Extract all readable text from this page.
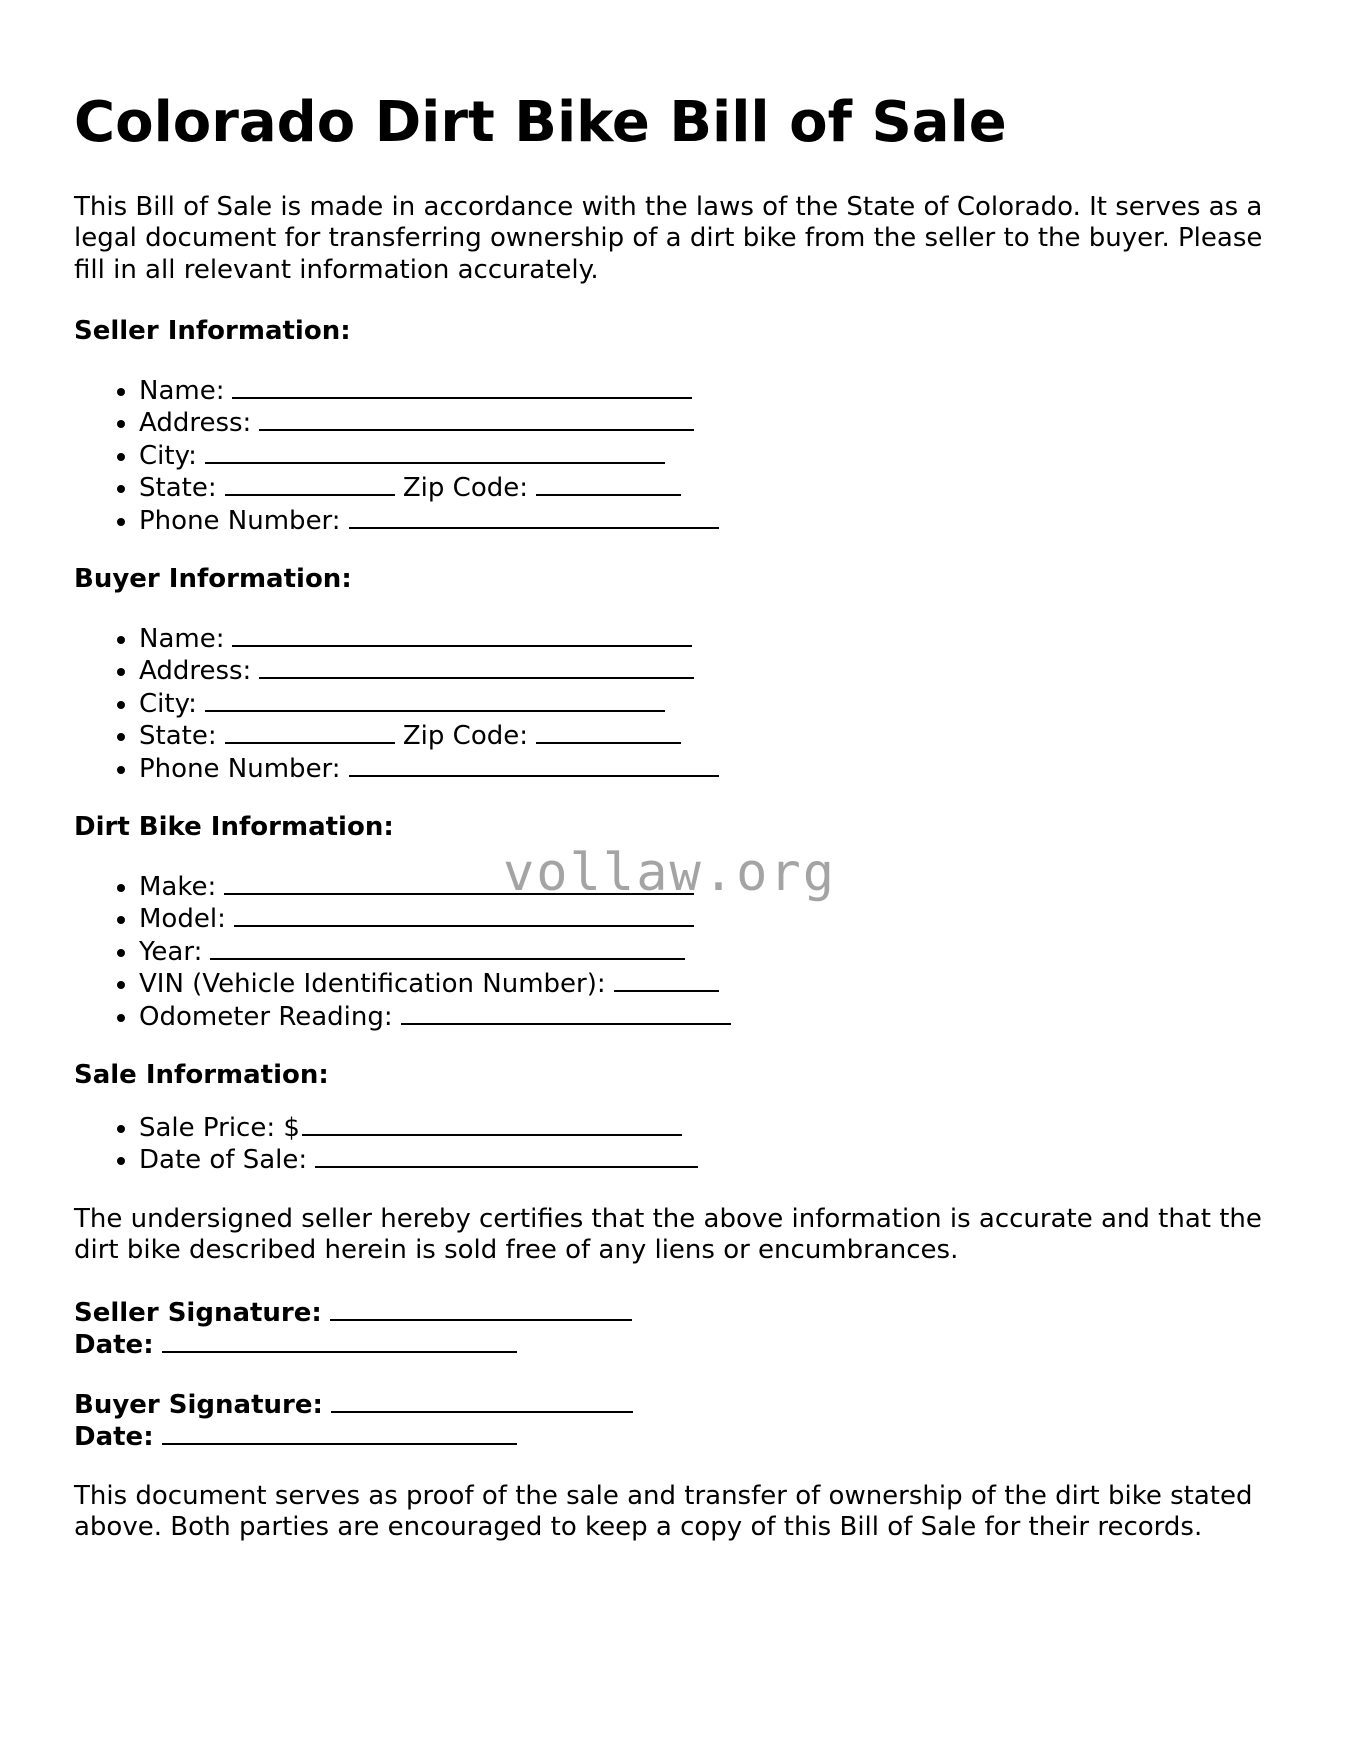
Colorado Dirt Bike Bill of Sale

This Bill of Sale is made in accordance with the laws of the State of Colorado. It serves as a legal document for transferring ownership of a dirt bike from the seller to the buyer. Please fill in all relevant information accurately.

Seller Information:
• Name:
• Address:
• City:
• State:	Zip Code:
• Phone Number:
Buyer Information:
• Name:
• Address:
• City:
• State:	Zip Code:
• Phone Number:
Dirt Bike Information:
• Make:
• Model:
• Year:
• VIN (Vehicle Identification Number):
• Odometer Reading:
Sale Information:
• Sale Price: $
• Date of Sale:

The undersigned seller hereby certifies that the above information is accurate and that the dirt bike described herein is sold free of any liens or encumbrances.

Seller Signature:
Date:
Buyer Signature:
Date:

This document serves as proof of the sale and transfer of ownership of the dirt bike stated above. Both parties are encouraged to keep a copy of this Bill of Sale for their records.

vollaw.org
